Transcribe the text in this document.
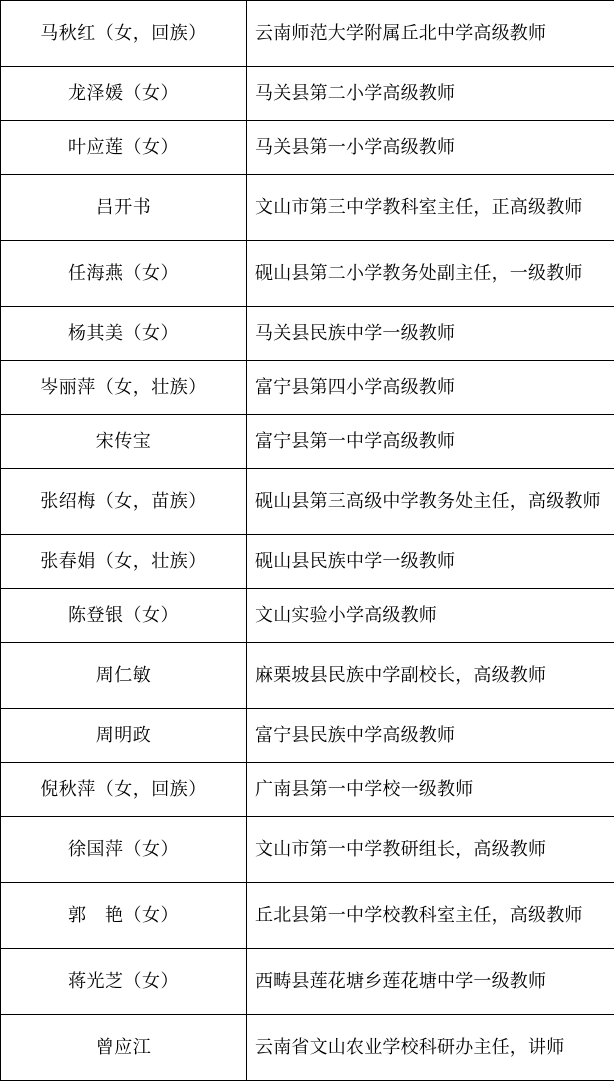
马秋红（女，回族）	云南师范大学附属丘北中学高级教师
龙泽媛（女）	马关县第二小学高级教师
叶应莲（女）	马关县第一小学高级教师
吕开书	文山市第三中学教科室主任，正高级教师
任海燕（女）	砚山县第二小学教务处副主任，一级教师
杨其美（女）	马关县民族中学一级教师
岑丽萍（女，壮族）	富宁县第四小学高级教师
宋传宝	富宁县第一中学高级教师
张绍梅（女，苗族）	砚山县第三高级中学教务处主任，高级教师
张春娟（女，壮族）	砚山县民族中学一级教师
陈登银（女）	文山实验小学高级教师
周仁敏	麻栗坡县民族中学副校长，高级教师
周明政	富宁县民族中学高级教师
倪秋萍（女，回族）	广南县第一中学校一级教师
徐国萍（女）	文山市第一中学教研组长，高级教师
郭　艳（女）	丘北县第一中学校教科室主任，高级教师
蒋光芝（女）	西畴县莲花塘乡莲花塘中学一级教师
曾应江	云南省文山农业学校科研办主任，讲师
